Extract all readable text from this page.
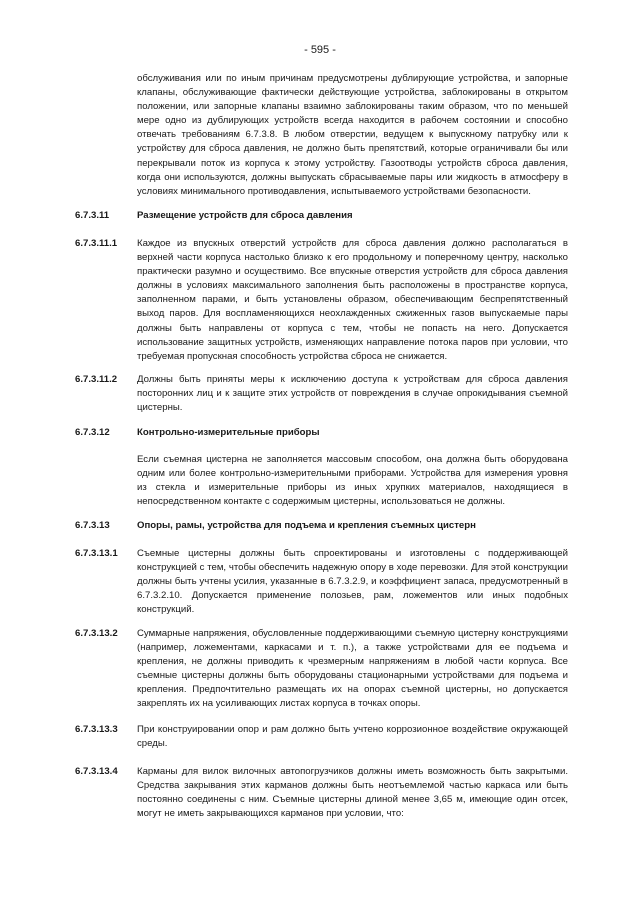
- 595 -
обслуживания или по иным причинам предусмотрены дублирующие устройства, и запорные клапаны, обслуживающие фактически действующие устройства, заблокированы в открытом положении, или запорные клапаны взаимно заблокированы таким образом, что по меньшей мере одно из дублирующих устройств всегда находится в рабочем состоянии и способно отвечать требованиям 6.7.3.8. В любом отверстии, ведущем к выпускному патрубку или к устройству для сброса давления, не должно быть препятствий, которые ограничивали бы или перекрывали поток из корпуса к этому устройству. Газоотводы устройств сброса давления, когда они используются, должны выпускать сбрасываемые пары или жидкость в атмосферу в условиях минимального противодавления, испытываемого устройствами безопасности.
6.7.3.11	Размещение устройств для сброса давления
6.7.3.11.1 Каждое из впускных отверстий устройств для сброса давления должно располагаться в верхней части корпуса настолько близко к его продольному и поперечному центру, насколько практически разумно и осуществимо. Все впускные отверстия устройств для сброса давления должны в условиях максимального заполнения быть расположены в пространстве корпуса, заполненном парами, и быть установлены образом, обеспечивающим беспрепятственный выход паров. Для воспламеняющихся неохлажденных сжиженных газов выпускаемые пары должны быть направлены от корпуса с тем, чтобы не попасть на него. Допускается использование защитных устройств, изменяющих направление потока паров при условии, что требуемая пропускная способность устройства сброса не снижается.
6.7.3.11.2 Должны быть приняты меры к исключению доступа к устройствам для сброса давления посторонних лиц и к защите этих устройств от повреждения в случае опрокидывания съемной цистерны.
6.7.3.12	Контрольно-измерительные приборы
Если съемная цистерна не заполняется массовым способом, она должна быть оборудована одним или более контрольно-измерительными приборами. Устройства для измерения уровня из стекла и измерительные приборы из иных хрупких материалов, находящиеся в непосредственном контакте с содержимым цистерны, использоваться не должны.
6.7.3.13	Опоры, рамы, устройства для подъема и крепления съемных цистерн
6.7.3.13.1 Съемные цистерны должны быть спроектированы и изготовлены с поддерживающей конструкцией с тем, чтобы обеспечить надежную опору в ходе перевозки. Для этой конструкции должны быть учтены усилия, указанные в 6.7.3.2.9, и коэффициент запаса, предусмотренный в 6.7.3.2.10. Допускается применение полозьев, рам, ложементов или иных подобных конструкций.
6.7.3.13.2 Суммарные напряжения, обусловленные поддерживающими съемную цистерну конструкциями (например, ложементами, каркасами и т. п.), а также устройствами для ее подъема и крепления, не должны приводить к чрезмерным напряжениям в любой части корпуса. Все съемные цистерны должны быть оборудованы стационарными устройствами для подъема и крепления. Предпочтительно размещать их на опорах съемной цистерны, но допускается закреплять их на усиливающих листах корпуса в точках опоры.
6.7.3.13.3 При конструировании опор и рам должно быть учтено коррозионное воздействие окружающей среды.
6.7.3.13.4 Карманы для вилок вилочных автопогрузчиков должны иметь возможность быть закрытыми. Средства закрывания этих карманов должны быть неотъемлемой частью каркаса или быть постоянно соединены с ним. Съемные цистерны длиной менее 3,65 м, имеющие один отсек, могут не иметь закрывающихся карманов при условии, что:
